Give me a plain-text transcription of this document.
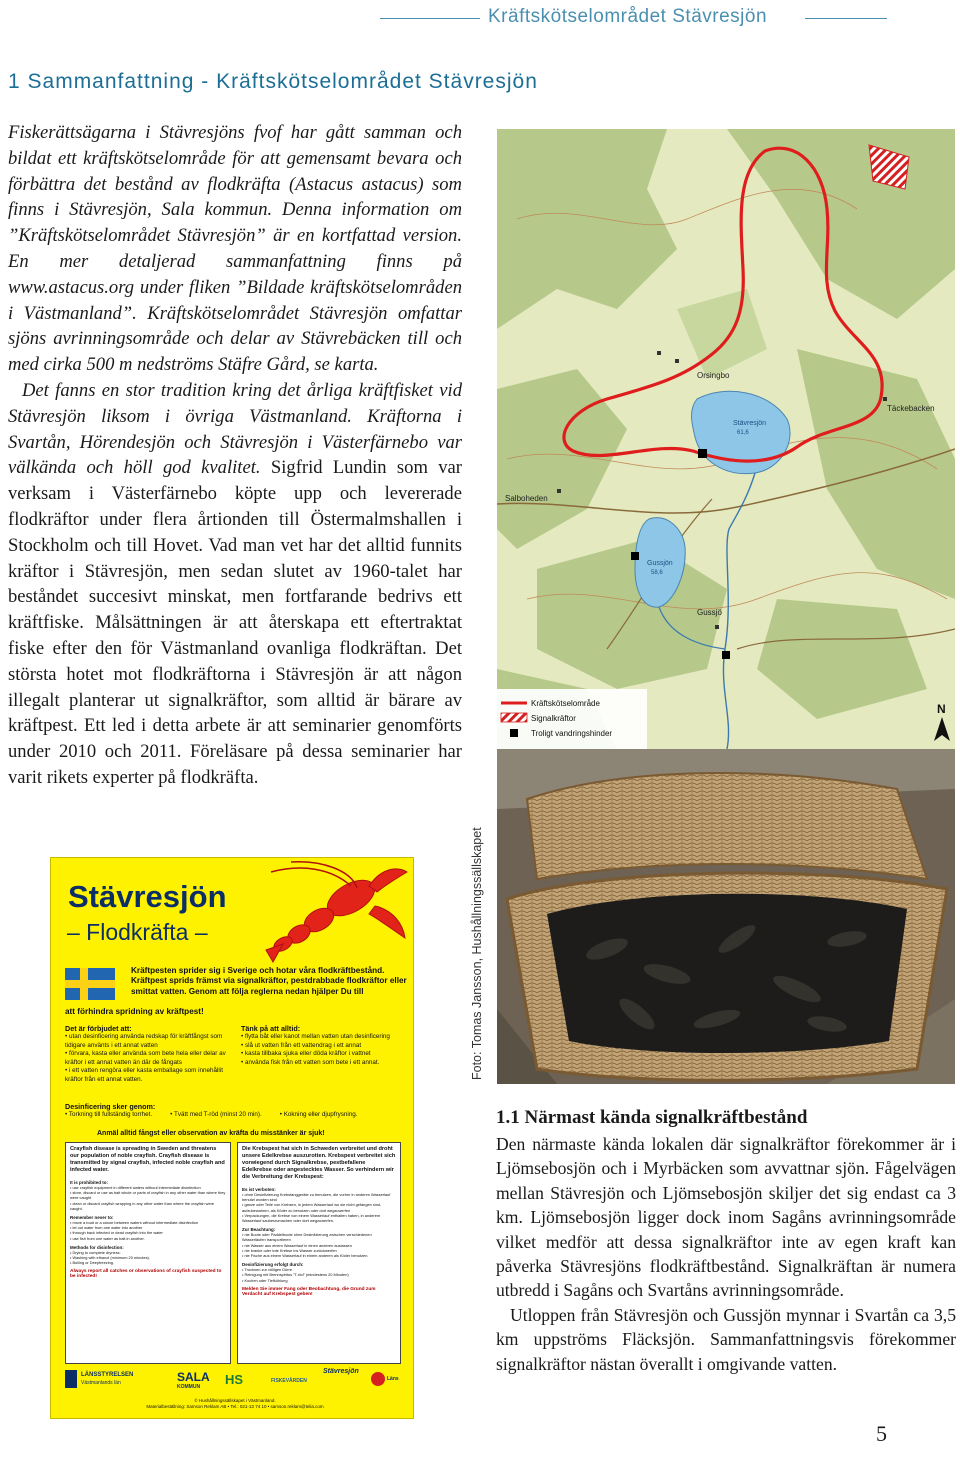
Kräftskötselområdet Stävresjön
1 Sammanfattning - Kräftskötselområdet Stävresjön

Fiskerättsägarna i Stävresjöns fvof har gått samman och bildat ett kräftskötselområde för att gemensamt bevara och förbättra det bestånd av flodkräfta (Astacus astacus) som finns i Stävresjön, Sala kommun. Denna information om ”Kräftskötselområdet Stävresjön” är en kortfattad version. En mer detaljerad sammanfattning finns på www.astacus.org under fliken ”Bildade kräftskötselområden i Västmanland”. Kräftskötselområdet Stävresjön omfattar sjöns avrinningsområde och delar av Stävrebäcken till och med cirka 500 m nedströms Stäfre Gård, se karta.

Det fanns en stor tradition kring det årliga kräftfisket vid Stävresjön liksom i övriga Västmanland. Kräftorna i Svartån, Hörendesjön och Stävresjön i Västerfärnebo var välkända och höll god kvalitet. Sigfrid Lundin som var verksam i Västerfärnebo köpte upp och levererade flodkräftor under flera årtionden till Östermalmshallen i Stockholm och till Hovet. Vad man vet har det alltid funnits kräftor i Stävresjön, men sedan slutet av 1960-talet har beståndet succesivt minskat, men fortfarande bedrivs ett kräftfiske. Målsättningen är att återskapa ett eftertraktat fiske efter den för Västmanland ovanliga flodkräftan. Det största hotet mot flodkräftorna i Stävresjön är att någon illegalt planterar ut signalkräftor, som alltid är bärare av kräftpest. Ett led i detta arbete är att seminarier genomförts under 2010 och 2011. Föreläsare på dessa seminarier har varit rikets experter på flodkräfta.

Orsingbo
Stävresjön
61,6
Salboheden
Täckebacken
Gussjön
58,6
Gussjö
Kräftskötselområde
Signalkräftor
Troligt vandringshinder
N
Foto: Tomas Jansson, Hushållningssällskapet
1.1 Närmast kända signalkräftbestånd

Den närmaste kända lokalen där signalkräftor förekommer är i Ljömsebosjön och i Myrbäcken som avvattnar sjön. Fågelvägen mellan Stävresjön och Ljömsebosjön skiljer det sig endast ca 3 km. Ljömsebosjön ligger dock inom Sagåns avrinningsområde vilket medför att dessa signalkräftor inte av egen kraft kan påverka Stävresjöns flodkräftbestånd. Signalkräftan är numera utbredd i Sagåns och Svartåns avrinningsområde.

Utloppen från Stävresjön och Gussjön mynnar i Svartån ca 3,5 km uppströms Fläcksjön. Sammanfattningsvis förekommer signalkräftor nästan överallt i omgivande vatten.

Stävresjön
– Flodkräfta –
Kräftpesten sprider sig i Sverige och hotar våra flodkräftbestånd. Kräftpest sprids främst via signalkräftor, pestdrabbade flodkräftor eller smittat vatten. Genom att följa reglerna nedan hjälper Du till
att förhindra spridning av kräftpest!
Det är förbjudet att:
• utan desinficering använda redskap för kräftfångst som tidigare använts i ett annat vatten
• förvara, kasta eller använda som bete hela eller delar av kräftor i ett annat vatten än där de fångats
• i ett vatten rengöra eller kasta emballage som innehållit kräftor från ett annat vatten.
Tänk på att alltid:
• flytta båt eller kanot mellan vatten utan desinficering
• slå ut vatten från ett vattendrag i ett annat
• kasta tillbaka sjuka eller döda kräftor i vattnet
• använda fisk från ett vatten som bete i ett annat.
Desinficering sker genom:
• Torkning till fullständig torrhet.	• Tvätt med T-röd (minst 20 min).	• Kokning eller djupfrysning.
Anmäl alltid fångst eller observation av kräfta du misstänker är sjuk!
Crayfish disease is spreading in Sweden and threatens our population of noble crayfish. Crayfish disease is transmitted by signal crayfish, infected noble crayfish and infected water.
It is prohibited to:
• use crayfish equipment in different waters without intermediate disinfection
• store, discard or use as bait whole or parts of crayfish in any other water than where they were caught
• clean or discard crayfish wrapping in any other water than where the crayfish were caught.
Remember never to:
• move a boat or a canoe between waters without intermediate disinfection
• let out water from one water into another
• through back infected or dead crayfish into the water
• use fish from one water as bait in another.
Methods for disinfection:
• Drying to complete dryness.
• Washing with ethanol (minimum 20 minutes).
• Boiling or Deepfreezing.
Always report all catches or observations of crayfish suspected to be infected!
Die Krebspest hat sich in Schweden verbreitet und droht unsere Edelkrebse auszurotten. Krebspest verbreitet sich vorwiegend durch Signalkrebse, pestbefallene Edelkrebse oder angestecktes Wasser. So verhindern wir die Verbreitung der Krebspest:
Es ist verboten:
• ohne Desinfizierung Krebsfanggeräte zu benutzen, die vorher in anderen Wasserlauf benutzt worden sind
• ganze oder Teile von Krebsen, in jedem Wasserlauf wo sie nicht gefangen sind, aufzubewahren, als Köder zu benutzen oder dort wegzuwerfen
• Verpackungen, die Krebse von einem Wasserlauf enthalten haben, in anderem Wasserlauf sauberzumachen oder dort wegzuwerfen.
Zur Beachtung:
• nie Boote oder Paddelboote ohne Desinfizierung zwischen verschiedenen Wasserläufen transportieren
• nie Wasser aus einem Wasserlauf in einen anderen auslassen
• nie kranke oder tote Krebse ins Wasser zurückwerfen
• nie Fische aus einem Wasserlauf in einem anderen als Köder benutzen.
Desinfizierung erfolgt durch:
• Trocknen zur völligen Dürre
• Reinigung mit Brennspiritus ”T-röd” (mindestens 20 Minuten)
• Kochen oder Tiefkühlung
Melden Sie immer Fang oder Beobachtung, die Grund zum Verdacht auf Krebspest geben!
LÄNSSTYRELSEN
Västmanlands län	SALA
KOMMUN HS	FISKEVÅRDEN
Stävresjön
Läns
© Hushållningssällskapet i Västmanland.
Materialbeställning: Samson Reklam AB • Tel.: 021-13 74 10 • samson.reklam@telia.com
5
